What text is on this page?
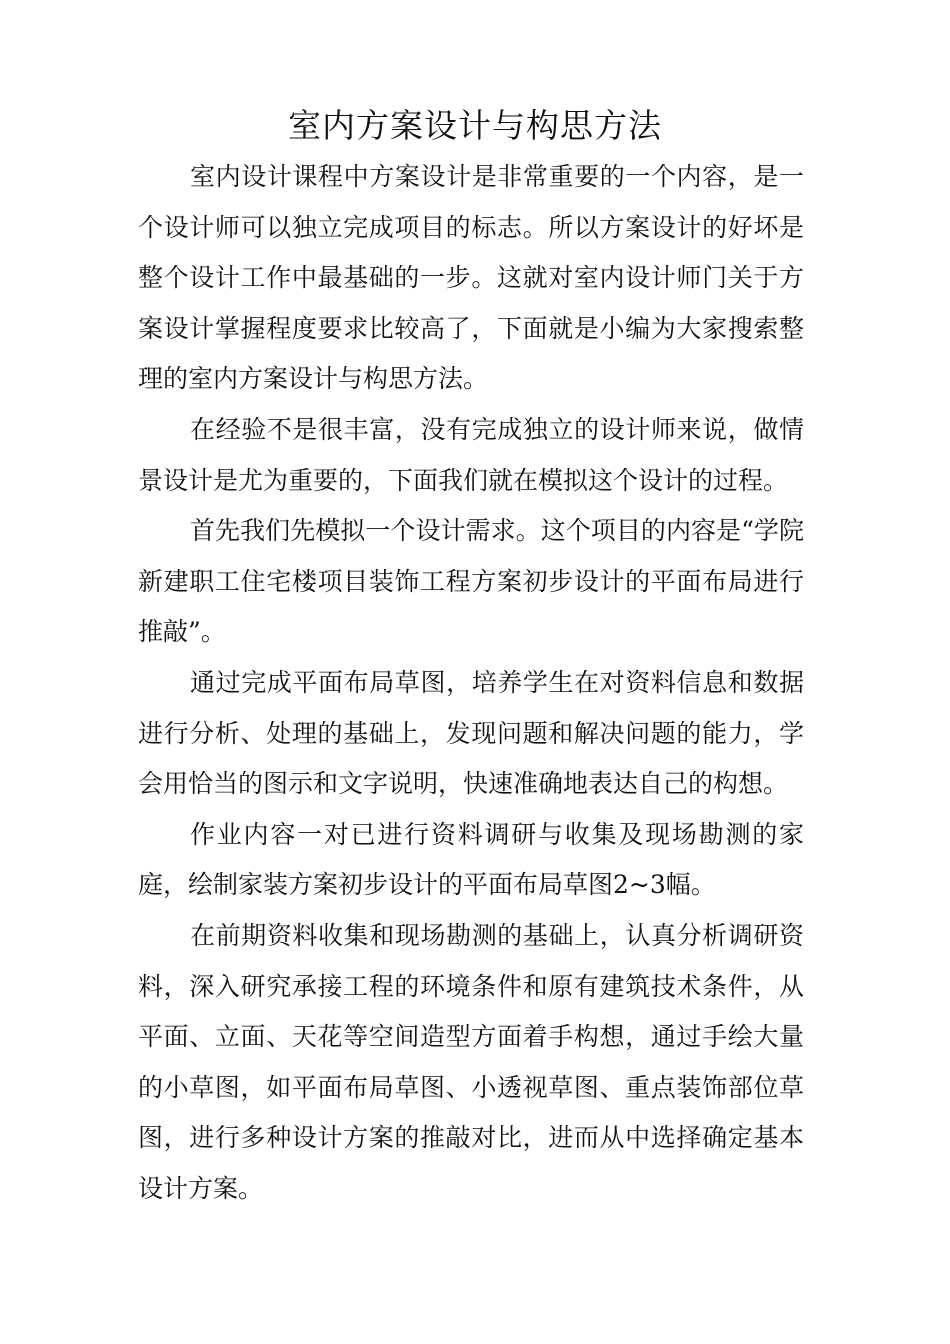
室内方案设计与构思方法

室内设计课程中方案设计是非常重要的一个内容，是一个设计师可以独立完成项目的标志。所以方案设计的好坏是整个设计工作中最基础的一步。这就对室内设计师门关于方案设计掌握程度要求比较高了，下面就是小编为大家搜索整理的室内方案设计与构思方法。

在经验不是很丰富，没有完成独立的设计师来说，做情景设计是尤为重要的，下面我们就在模拟这个设计的过程。

首先我们先模拟一个设计需求。这个项目的内容是“学院新建职工住宅楼项目装饰工程方案初步设计的平面布局进行推敲”。

通过完成平面布局草图，培养学生在对资料信息和数据进行分析、处理的基础上，发现问题和解决问题的能力，学会用恰当的图示和文字说明，快速准确地表达自己的构想。

作业内容一对已进行资料调研与收集及现场勘测的家庭，绘制家装方案初步设计的平面布局草图2~3幅。

在前期资料收集和现场勘测的基础上，认真分析调研资料，深入研究承接工程的环境条件和原有建筑技术条件，从平面、立面、天花等空间造型方面着手构想，通过手绘大量的小草图，如平面布局草图、小透视草图、重点装饰部位草图，进行多种设计方案的推敲对比，进而从中选择确定基本设计方案。
